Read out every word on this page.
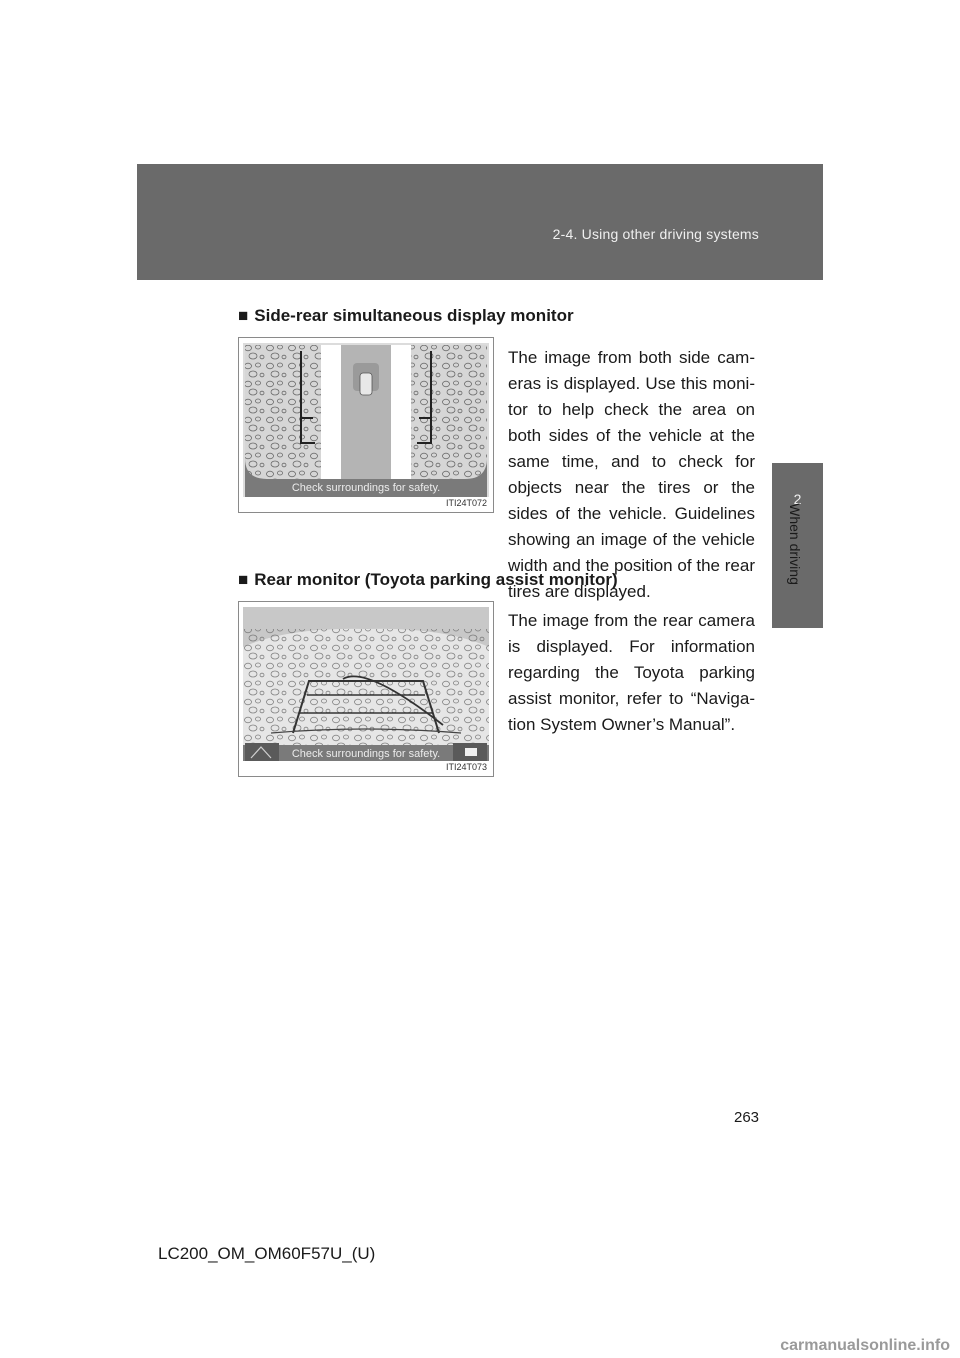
2-4. Using other driving systems
2
When driving
■ Side-rear simultaneous display monitor
Check surroundings for safety.
ITI24T072
The image from both side cameras is displayed. Use this monitor to help check the area on both sides of the vehicle at the same time, and to check for objects near the tires or the sides of the vehicle. Guidelines showing an image of the vehicle width and the position of the rear tires are displayed.
■ Rear monitor (Toyota parking assist monitor)
Check surroundings for safety.
ITI24T073
The image from the rear camera is displayed. For information regarding the Toyota parking assist monitor, refer to “Navigation System Owner’s Manual”.
263
LC200_OM_OM60F57U_(U)
carmanualsonline.info
